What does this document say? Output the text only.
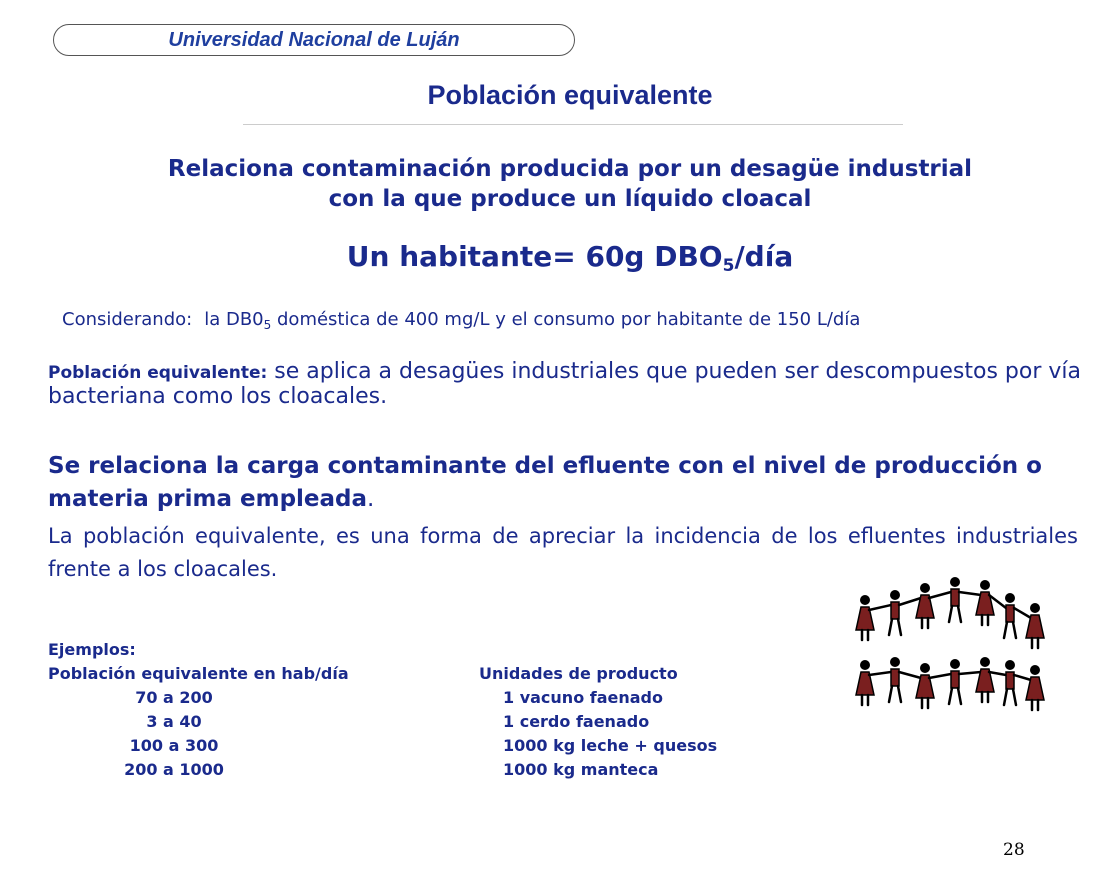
Universidad Nacional de Luján
Población equivalente
Relaciona contaminación producida por un desagüe industrial
con la que produce un líquido cloacal
Un habitante= 60g $DBO_5$/día
Considerando: la $DB0_5$ doméstica de 400 mg/L y el consumo por habitante de 150 L/día
Población equivalente: se aplica a desagües industriales que pueden ser descompuestos por vía bacteriana como los cloacales.
Se relaciona la carga contaminante del efluente con el nivel de producción o materia prima empleada.
La población equivalente, es una forma de apreciar la incidencia de los efluentes industriales frente a los cloacales.
Ejemplos:
Población equivalente en hab/día	Unidades de producto
70 a 200	1 vacuno faenado
3 a 40	1 cerdo faenado
100 a 300	1000 kg leche + quesos
200 a 1000	1000 kg manteca
28
